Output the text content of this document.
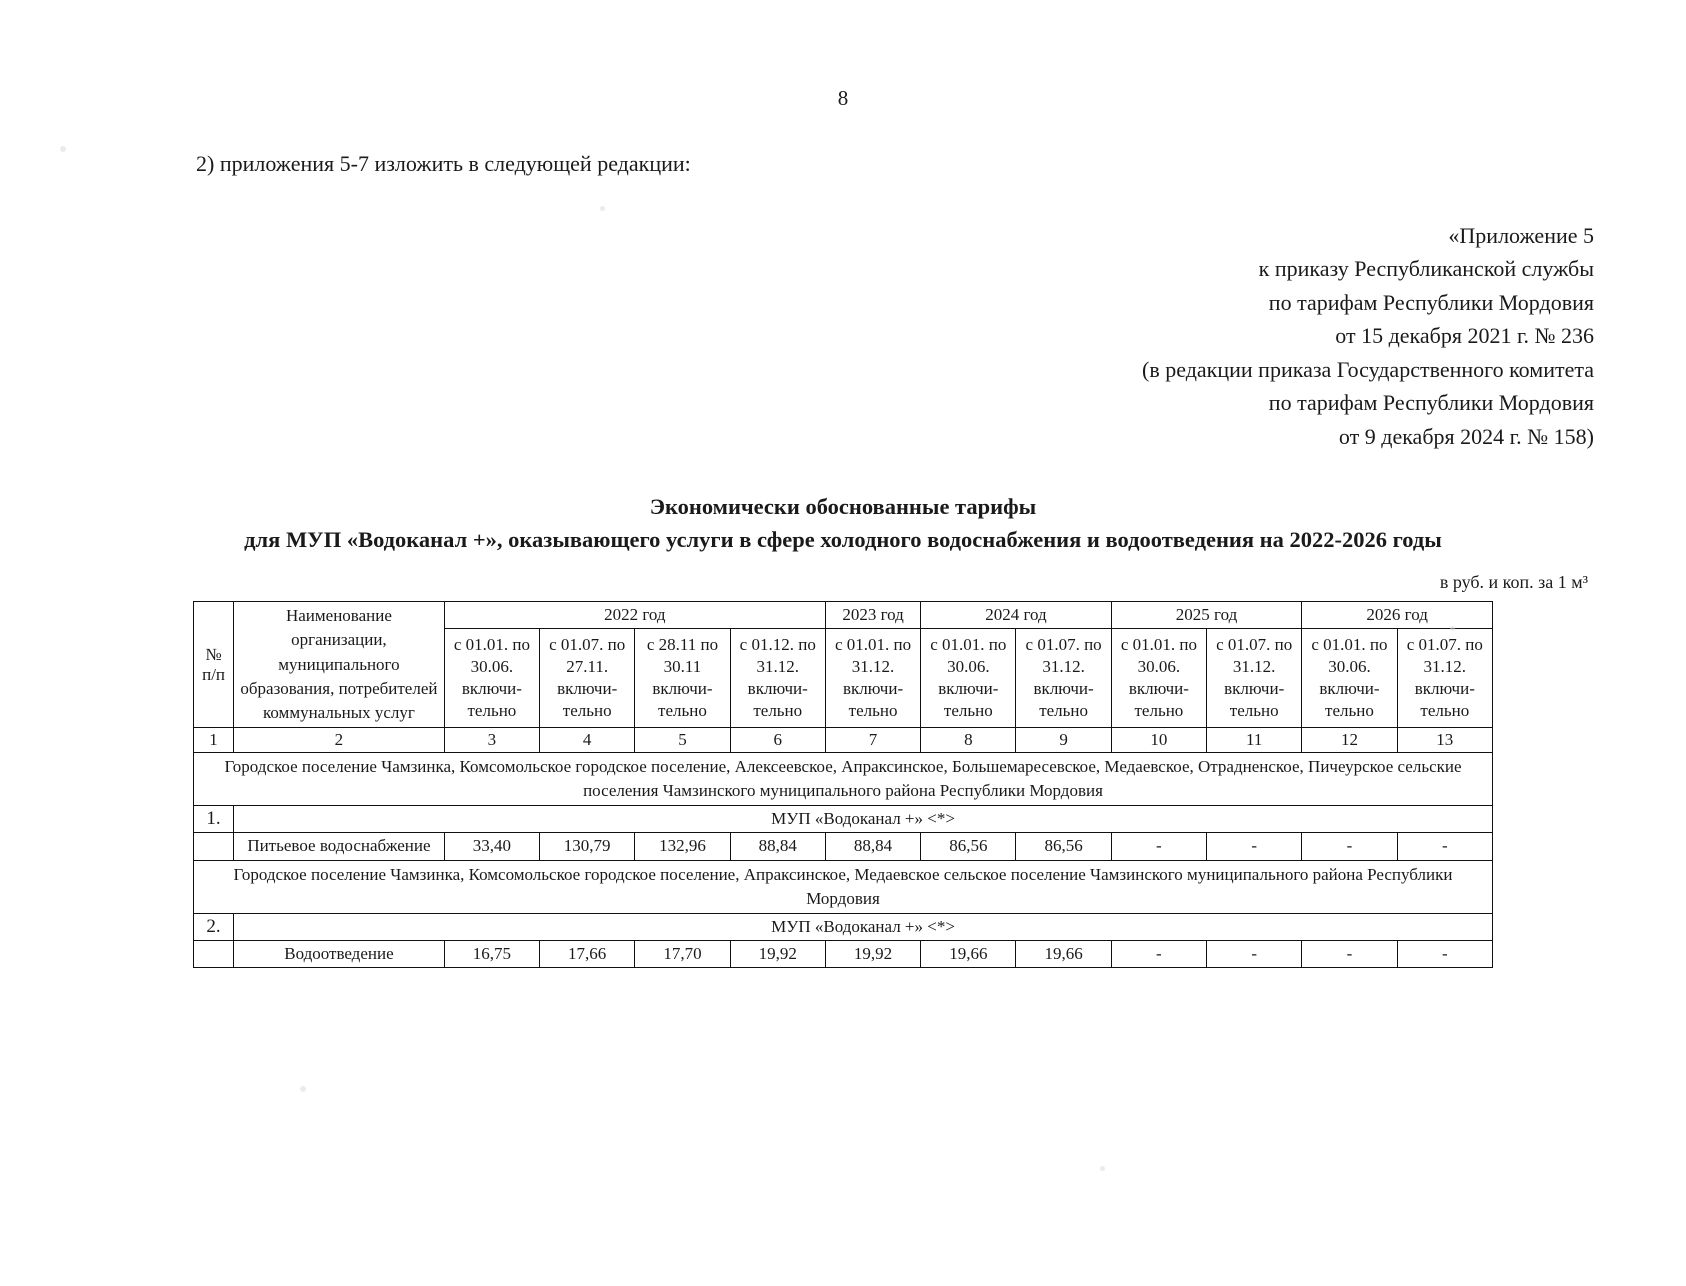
8
2) приложения 5-7 изложить в следующей редакции:
«Приложение 5
к приказу Республиканской службы
по тарифам Республики Мордовия
от 15 декабря 2021 г. № 236
(в редакции приказа Государственного комитета
по тарифам Республики Мордовия
от 9 декабря 2024 г. № 158)
Экономически обоснованные тарифы
для МУП «Водоканал +», оказывающего услуги в сфере холодного водоснабжения и водоотведения на 2022-2026 годы
в руб. и коп. за 1 м³
№ п/п	Наименование организации, муниципального образования, потребителей коммунальных услуг	2022 год				2023 год	2024 год		2025 год		2026 год	
		с 01.01. по 30.06. включи-тельно	с 01.07. по 27.11. включи-тельно	с 28.11 по 30.11 включи-тельно	с 01.12. по 31.12. включи-тельно	с 01.01. по 31.12. включи-тельно	с 01.01. по 30.06. включи-тельно	с 01.07. по 31.12. включи-тельно	с 01.01. по 30.06. включи-тельно	с 01.07. по 31.12. включи-тельно	с 01.01. по 30.06. включи-тельно	с 01.07. по 31.12. включи-тельно
1	2	3	4	5	6	7	8	9	10	11	12	13
Городское поселение Чамзинка, Комсомольское городское поселение, Алексеевское, Апраксинское, Большемаресевское, Медаевское, Отрадненское, Пичеурское сельские поселения Чамзинского муниципального района Республики Мордовия												
1.	МУП «Водоканал +» <*>											
	Питьевое водоснабжение	33,40	130,79	132,96	88,84	88,84	86,56	86,56	-	-	-	-
Городское поселение Чамзинка, Комсомольское городское поселение, Апраксинское, Медаевское сельское поселение Чамзинского муниципального района Республики Мордовия												
2.	МУП «Водоканал +» <*>											
	Водоотведение	16,75	17,66	17,70	19,92	19,92	19,66	19,66	-	-	-	-
